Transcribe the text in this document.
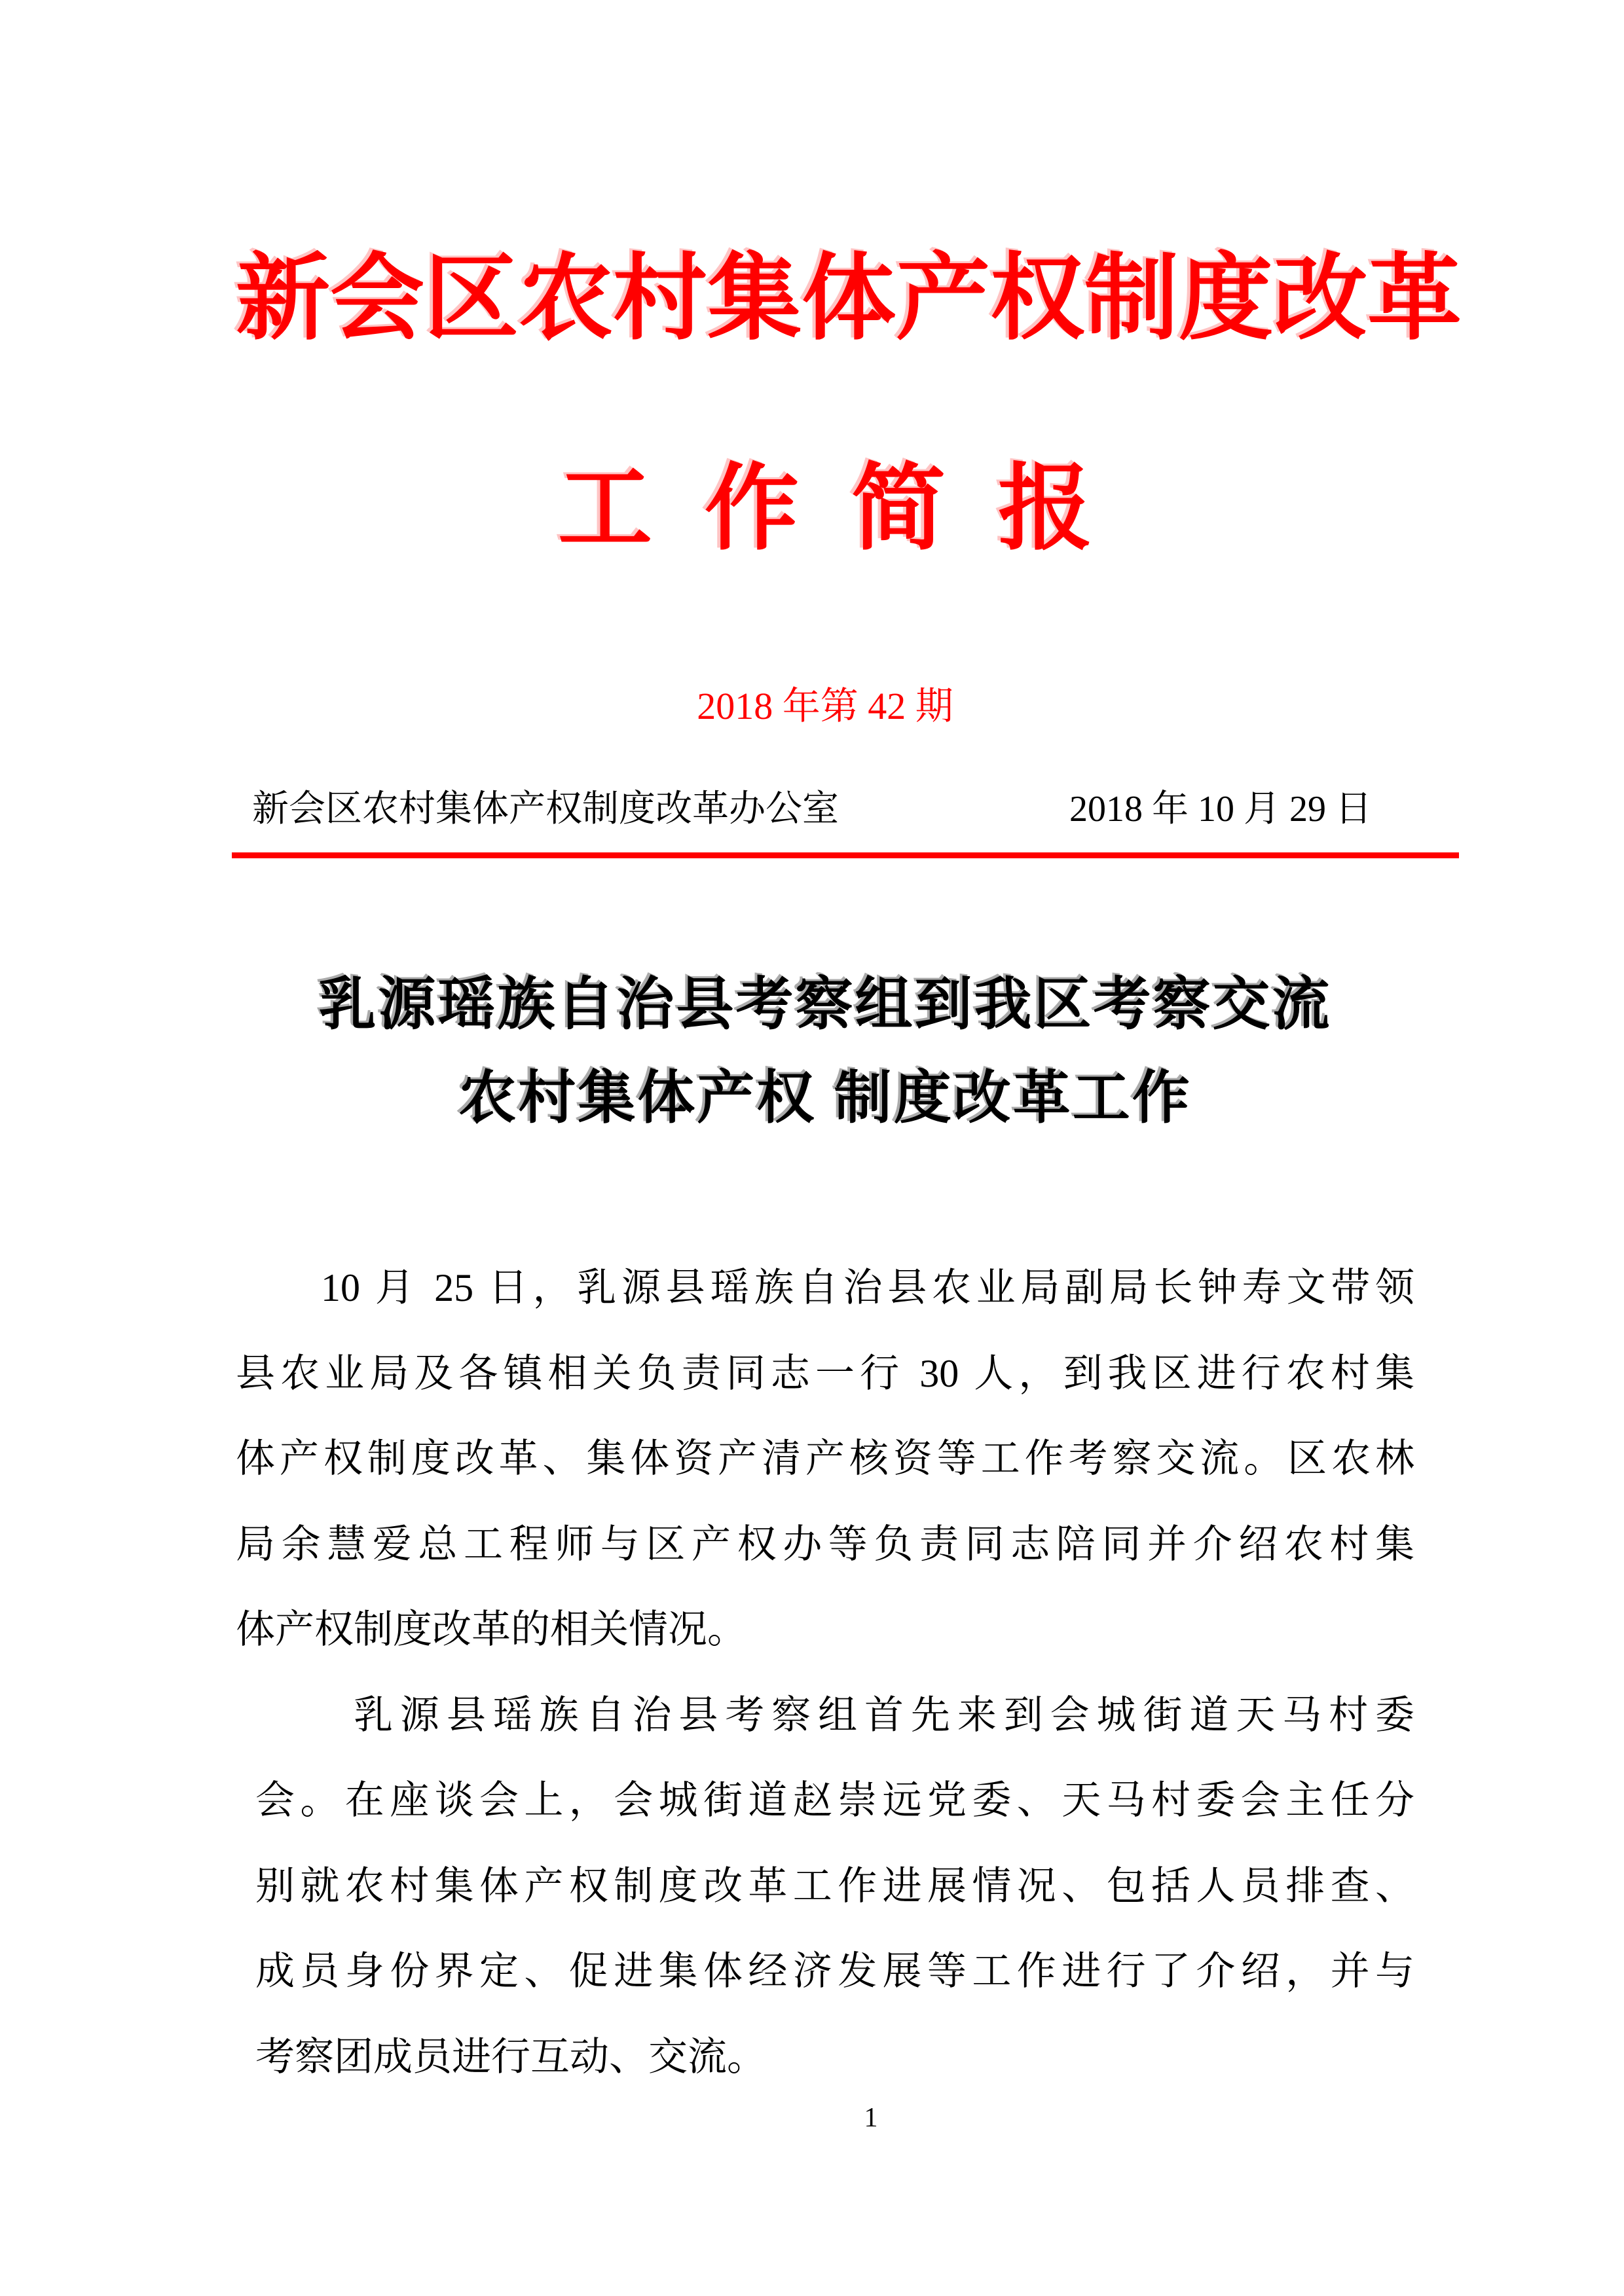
新会区农村集体产权制度改革
工 作 简 报
2018 年第 42 期
新会区农村集体产权制度改革办公室	2018 年 10 月 29 日
乳源瑶族自治县考察组到我区考察交流
农村集体产权 制度改革工作
10 月 25 日，乳源县瑶族自治县农业局副局长钟寿文带领
县农业局及各镇相关负责同志一行 30 人，到我区进行农村集
体产权制度改革、集体资产清产核资等工作考察交流。区农林
局余慧爱总工程师与区产权办等负责同志陪同并介绍农村集
体产权制度改革的相关情况。
乳源县瑶族自治县考察组首先来到会城街道天马村委
会。在座谈会上，会城街道赵崇远党委、天马村委会主任分
别就农村集体产权制度改革工作进展情况、包括人员排查、
成员身份界定、促进集体经济发展等工作进行了介绍，并与
考察团成员进行互动、交流。
1
